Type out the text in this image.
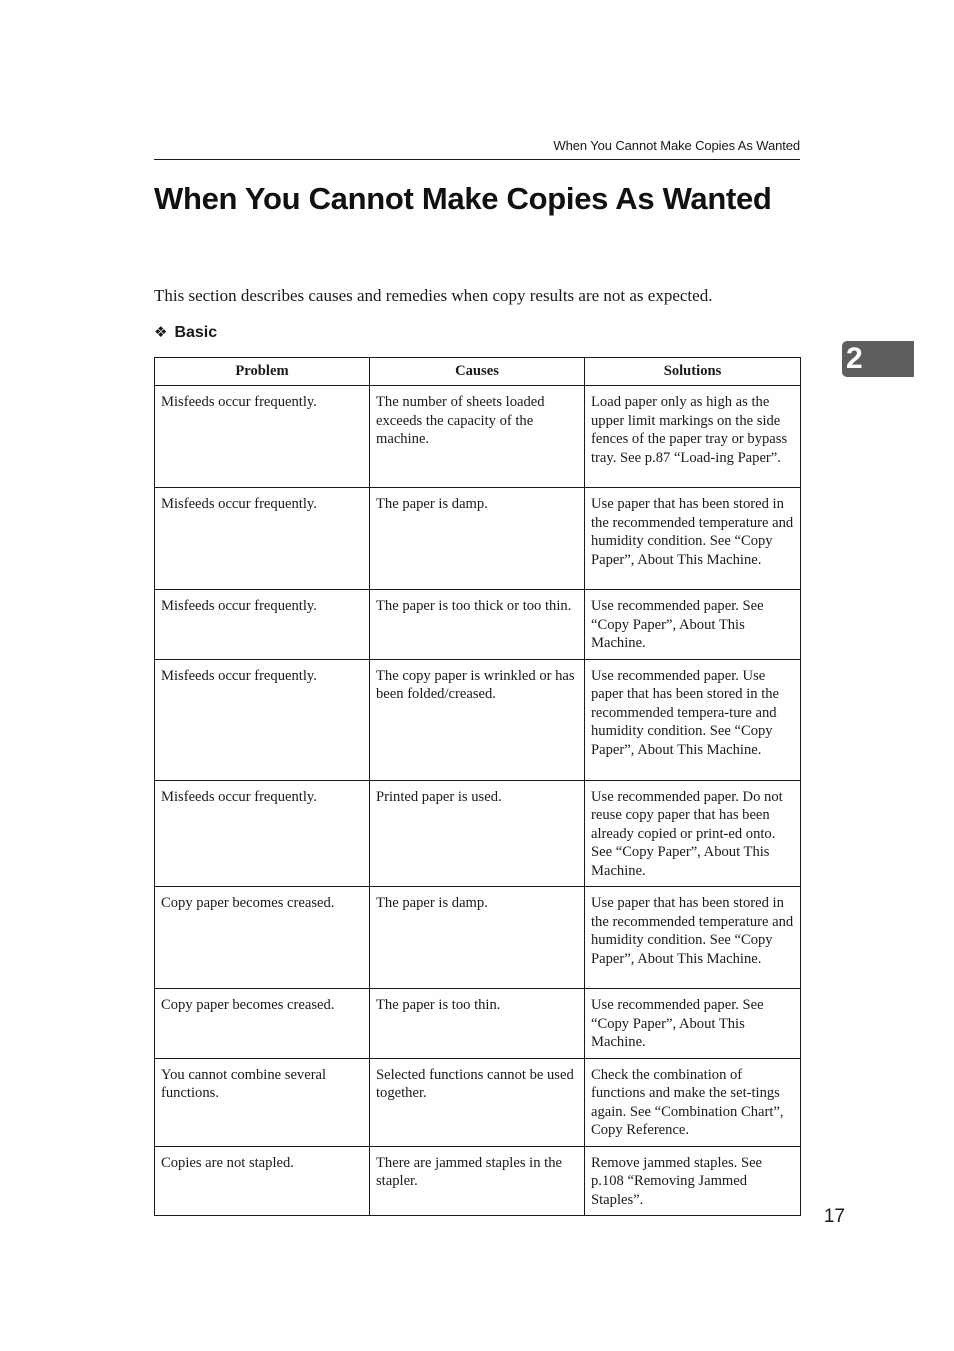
When You Cannot Make Copies As Wanted
When You Cannot Make Copies As Wanted

This section describes causes and remedies when copy results are not as expected.

❖ Basic
2
Problem	Causes	Solutions
Misfeeds occur frequently.	The number of sheets loaded exceeds the capacity of the machine.	Load paper only as high as the upper limit markings on the side fences of the paper tray or bypass tray. See p.87 “Load-ing Paper”.
Misfeeds occur frequently.	The paper is damp.	Use paper that has been stored in the recommended temperature and humidity condition. See “Copy Paper”, About This Machine.
Misfeeds occur frequently.	The paper is too thick or too thin.	Use recommended paper. See “Copy Paper”, About This Machine.
Misfeeds occur frequently.	The copy paper is wrinkled or has been folded/creased.	Use recommended paper. Use paper that has been stored in the recommended tempera-ture and humidity condition. See “Copy Paper”, About This Machine.
Misfeeds occur frequently.	Printed paper is used.	Use recommended paper. Do not reuse copy paper that has been already copied or print-ed onto. See “Copy Paper”, About This Machine.
Copy paper becomes creased.	The paper is damp.	Use paper that has been stored in the recommended temperature and humidity condition. See “Copy Paper”, About This Machine.
Copy paper becomes creased.	The paper is too thin.	Use recommended paper. See “Copy Paper”, About This Machine.
You cannot combine several functions.	Selected functions cannot be used together.	Check the combination of functions and make the set-tings again. See “Combination Chart”, Copy Reference.
Copies are not stapled.	There are jammed staples in the stapler.	Remove jammed staples. See p.108 “Removing Jammed Staples”.
17
